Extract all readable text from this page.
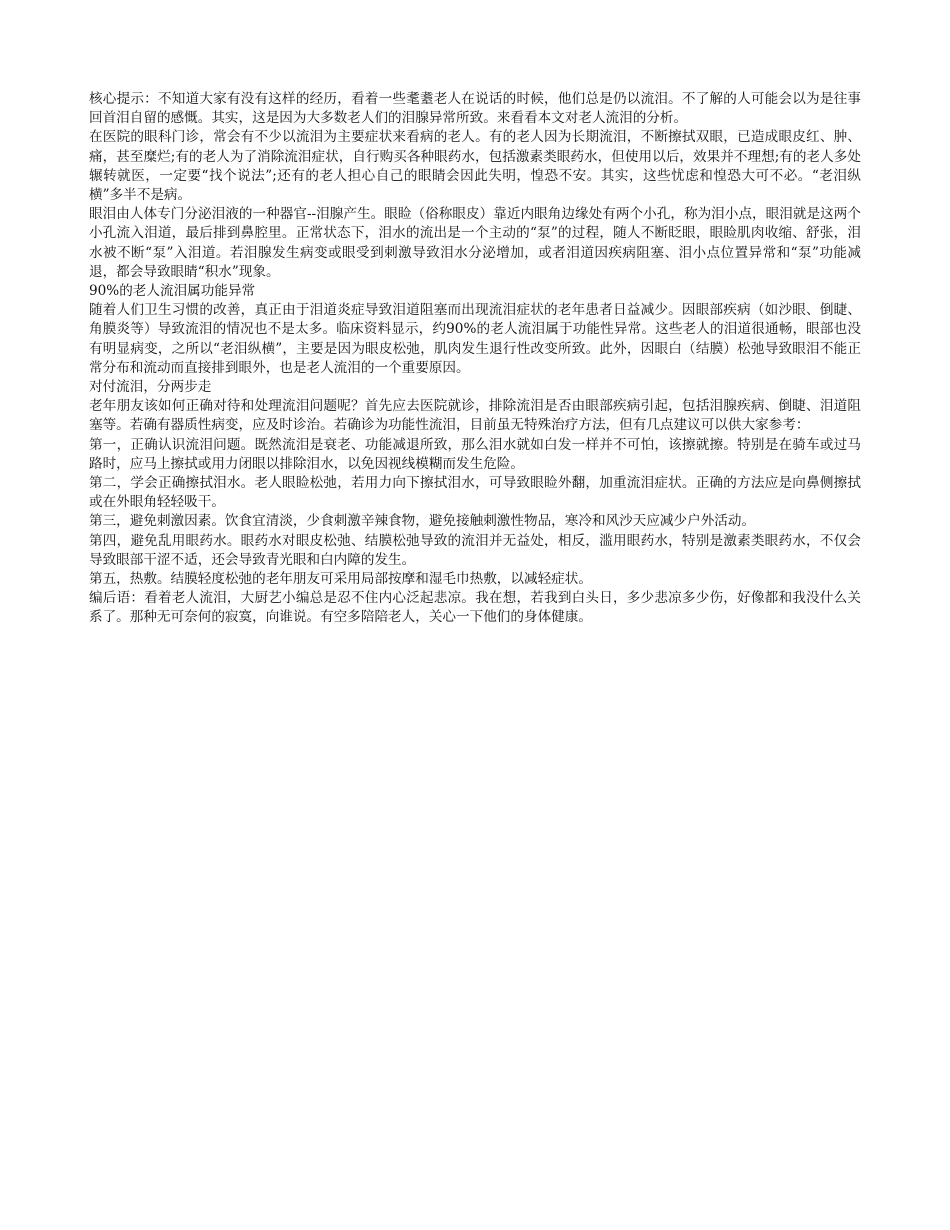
核心提示：不知道大家有没有这样的经历，看着一些耄耋老人在说话的时候，他们总是仍以流泪。不了解的人可能会以为是往事回首泪自留的感慨。其实，这是因为大多数老人们的泪腺异常所致。来看看本文对老人流泪的分析。

在医院的眼科门诊，常会有不少以流泪为主要症状来看病的老人。有的老人因为长期流泪，不断擦拭双眼，已造成眼皮红、肿、痛，甚至糜烂;有的老人为了消除流泪症状，自行购买各种眼药水，包括激素类眼药水，但使用以后，效果并不理想;有的老人多处辗转就医，一定要“找个说法”;还有的老人担心自己的眼睛会因此失明，惶恐不安。其实，这些忧虑和惶恐大可不必。“老泪纵横”多半不是病。

眼泪由人体专门分泌泪液的一种器官--泪腺产生。眼睑（俗称眼皮）靠近内眼角边缘处有两个小孔，称为泪小点，眼泪就是这两个小孔流入泪道，最后排到鼻腔里。正常状态下，泪水的流出是一个主动的“泵”的过程，随人不断眨眼，眼睑肌肉收缩、舒张，泪水被不断“泵”入泪道。若泪腺发生病变或眼受到刺激导致泪水分泌增加，或者泪道因疾病阻塞、泪小点位置异常和“泵”功能减退，都会导致眼睛“积水”现象。

90%的老人流泪属功能异常

随着人们卫生习惯的改善，真正由于泪道炎症导致泪道阻塞而出现流泪症状的老年患者日益减少。因眼部疾病（如沙眼、倒睫、角膜炎等）导致流泪的情况也不是太多。临床资料显示，约90%的老人流泪属于功能性异常。这些老人的泪道很通畅，眼部也没有明显病变，之所以“老泪纵横”，主要是因为眼皮松弛，肌肉发生退行性改变所致。此外，因眼白（结膜）松弛导致眼泪不能正常分布和流动而直接排到眼外，也是老人流泪的一个重要原因。

对付流泪，分两步走

老年朋友该如何正确对待和处理流泪问题呢？首先应去医院就诊，排除流泪是否由眼部疾病引起，包括泪腺疾病、倒睫、泪道阻塞等。若确有器质性病变，应及时诊治。若确诊为功能性流泪，目前虽无特殊治疗方法，但有几点建议可以供大家参考：

第一，正确认识流泪问题。既然流泪是衰老、功能减退所致，那么泪水就如白发一样并不可怕，该擦就擦。特别是在骑车或过马路时，应马上擦拭或用力闭眼以排除泪水，以免因视线模糊而发生危险。

第二，学会正确擦拭泪水。老人眼睑松弛，若用力向下擦拭泪水，可导致眼睑外翻，加重流泪症状。正确的方法应是向鼻侧擦拭或在外眼角轻轻吸干。

第三，避免刺激因素。饮食宜清淡，少食刺激辛辣食物，避免接触刺激性物品，寒冷和风沙天应减少户外活动。

第四，避免乱用眼药水。眼药水对眼皮松弛、结膜松弛导致的流泪并无益处，相反，滥用眼药水，特别是激素类眼药水，不仅会导致眼部干涩不适，还会导致青光眼和白内障的发生。

第五，热敷。结膜轻度松弛的老年朋友可采用局部按摩和湿毛巾热敷，以减轻症状。

编后语：看着老人流泪，大厨艺小编总是忍不住内心泛起悲凉。我在想，若我到白头日，多少悲凉多少伤，好像都和我没什么关系了。那种无可奈何的寂寞，向谁说。有空多陪陪老人，关心一下他们的身体健康。
